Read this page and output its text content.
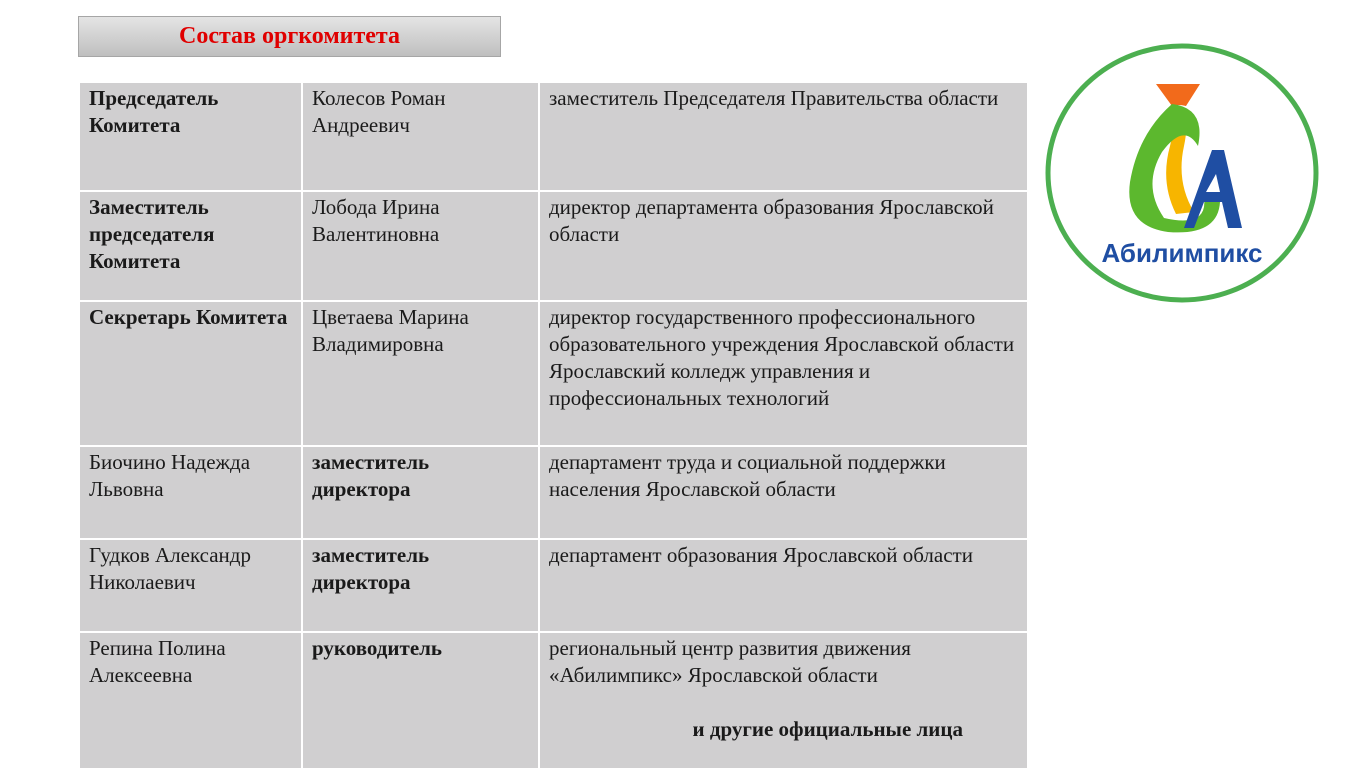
Состав оргкомитета
Председатель Комитета	Колесов Роман Андреевич	заместитель Председателя Правительства области
Заместитель председателя Комитета	Лобода Ирина Валентиновна	директор департамента образования Ярославской области
Секретарь Комитета	Цветаева Марина Владимировна	директор государственного профессионального образовательного учреждения Ярославской области Ярославский колледж управления и профессиональных технологий
Биочино Надежда Львовна	заместитель директора	департамент труда и социальной поддержки населения Ярославской области
Гудков Александр Николаевич	заместитель директора	департамент образования Ярославской области
Репина Полина Алексеевна	руководитель	региональный центр развития движения «Абилимпикс» Ярославской области
и другие официальные лица
Абилимпикс
